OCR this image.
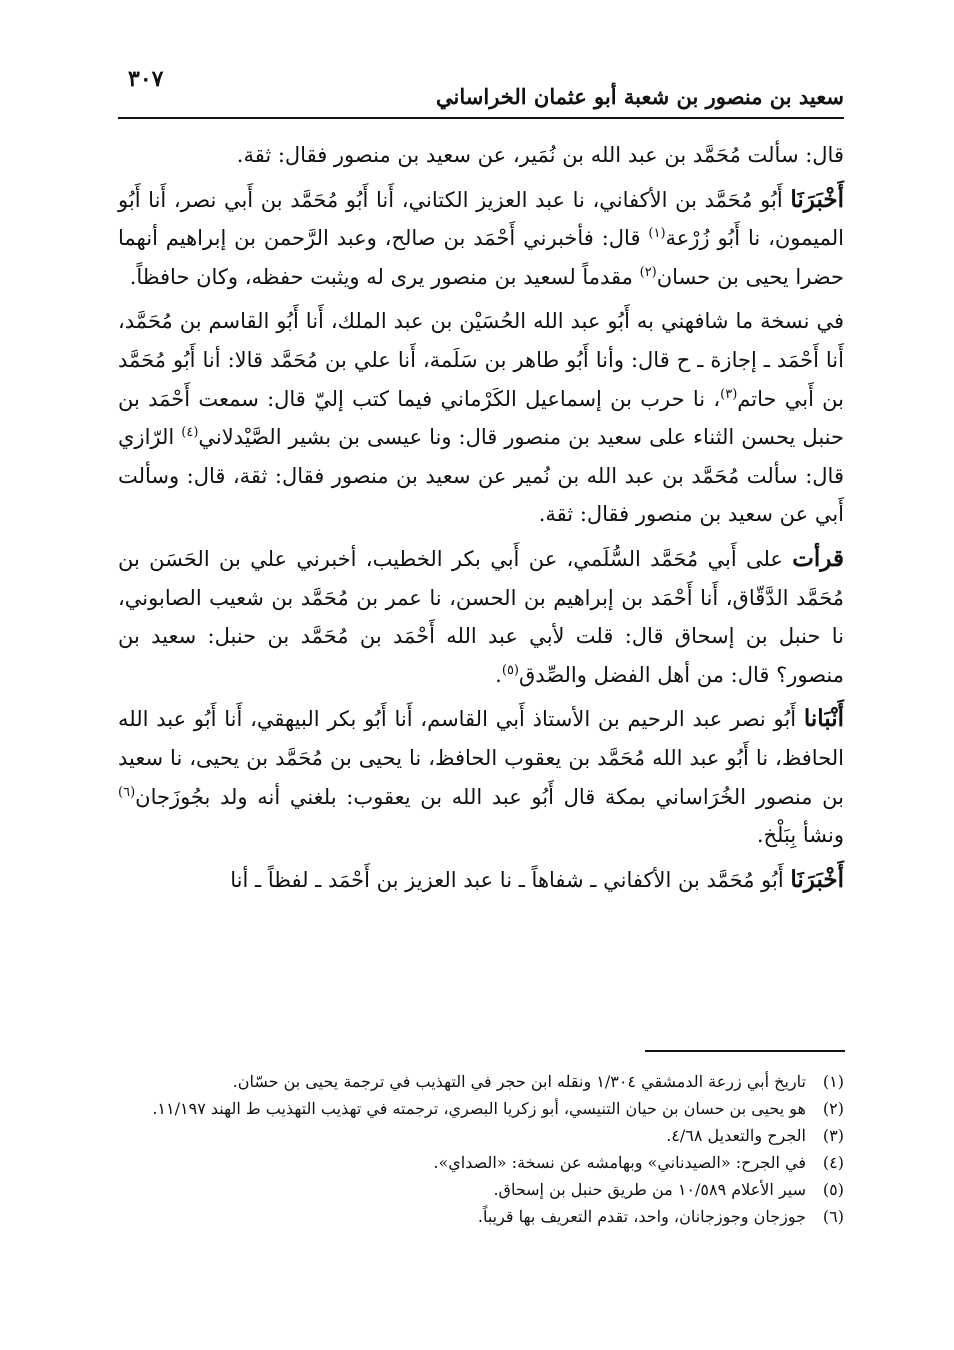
سعيد بن منصور بن شعبة أبو عثمان الخراساني
٣٠٧

قال: سألت مُحَمَّد بن عبد الله بن نُمَير، عن سعيد بن منصور فقال: ثقة.

أَخْبَرَنَا أَبُو مُحَمَّد بن الأكفاني، نا عبد العزيز الكتاني، أَنا أَبُو مُحَمَّد بن أَبي نصر، أَنا أَبُو الميمون، نا أَبُو زُرْعة$^{(١)}$ قال: فأخبرني أَحْمَد بن صالح، وعبد الرَّحمن بن إبراهيم أنهما حضرا يحيى بن حسان$^{(٢)}$ مقدماً لسعيد بن منصور يرى له ويثبت حفظه، وكان حافظاً.

في نسخة ما شافهني به أَبُو عبد الله الحُسَيْن بن عبد الملك، أَنا أَبُو القاسم بن مُحَمَّد، أَنا أَحْمَد ـ إجازة ـ ح قال: وأنا أَبُو طاهر بن سَلَمة، أَنا علي بن مُحَمَّد قالا: أنا أَبُو مُحَمَّد بن أَبي حاتم$^{(٣)}$، نا حرب بن إسماعيل الكَرْماني فيما كتب إليّ قال: سمعت أَحْمَد بن حنبل يحسن الثناء على سعيد بن منصور قال: ونا عيسى بن بشير الصَّيْدلاني$^{(٤)}$ الرّازي قال: سألت مُحَمَّد بن عبد الله بن نُمير عن سعيد بن منصور فقال: ثقة، قال: وسألت أَبي عن سعيد بن منصور فقال: ثقة.

قرأت على أَبي مُحَمَّد السُّلَمي، عن أَبي بكر الخطيب، أخبرني علي بن الحَسَن بن مُحَمَّد الدَّقّاق، أَنا أَحْمَد بن إبراهيم بن الحسن، نا عمر بن مُحَمَّد بن شعيب الصابوني، نا حنبل بن إسحاق قال: قلت لأبي عبد الله أَحْمَد بن مُحَمَّد بن حنبل: سعيد بن منصور؟ قال: من أهل الفضل والصِّدق$^{(٥)}$.

أَنْبَانا أَبُو نصر عبد الرحيم بن الأستاذ أَبي القاسم، أَنا أَبُو بكر البيهقي، أَنا أَبُو عبد الله الحافظ، نا أَبُو عبد الله مُحَمَّد بن يعقوب الحافظ، نا يحيى بن مُحَمَّد بن يحيى، نا سعيد بن منصور الخُرَاساني بمكة قال أَبُو عبد الله بن يعقوب: بلغني أنه ولد بجُوزَجان$^{(٦)}$ ونشأ بِبَلْخ.

أَخْبَرَنَا أَبُو مُحَمَّد بن الأكفاني ـ شفاهاً ـ نا عبد العزيز بن أَحْمَد ـ لفظاً ـ أنا

(١)
تاريخ أبي زرعة الدمشقي ١/٣٠٤ ونقله ابن حجر في التهذيب في ترجمة يحيى بن حسّان.
(٢)
هو يحيى بن حسان بن حيان التنيسي، أبو زكريا البصري، ترجمته في تهذيب التهذيب ط الهند ١١/١٩٧.
(٣)
الجرح والتعديل ٤/٦٨.
(٤)
في الجرح: «الصيدناني» وبهامشه عن نسخة: «الصداي».
(٥)
سير الأعلام ١٠/٥٨٩ من طريق حنبل بن إسحاق.
(٦)
جوزجان وجوزجانان، واحد، تقدم التعريف بها قريباً.
